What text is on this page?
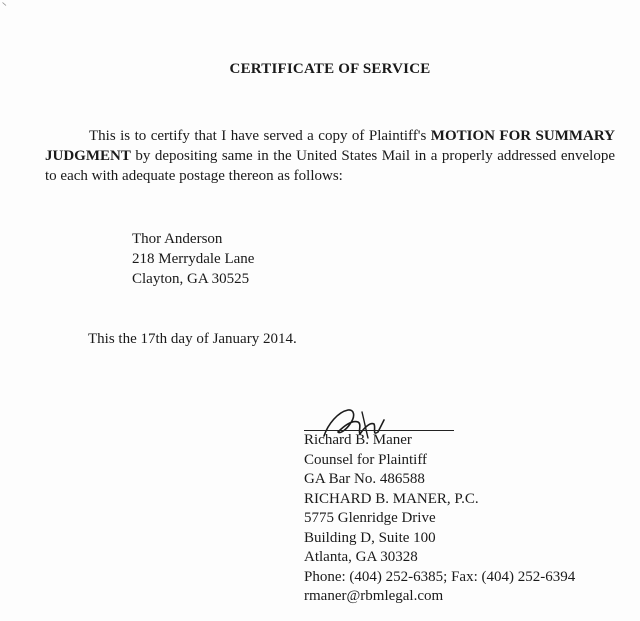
CERTIFICATE OF SERVICE
This is to certify that I have served a copy of Plaintiff's MOTION FOR SUMMARY JUDGMENT by depositing same in the United States Mail in a properly addressed envelope to each with adequate postage thereon as follows:
Thor Anderson
218 Merrydale Lane
Clayton, GA 30525
This the 17th day of January 2014.
Richard B. Maner
Counsel for Plaintiff
GA Bar No. 486588
RICHARD B. MANER, P.C.
5775 Glenridge Drive
Building D, Suite 100
Atlanta, GA 30328
Phone: (404) 252-6385; Fax: (404) 252-6394
rmaner@rbmlegal.com
